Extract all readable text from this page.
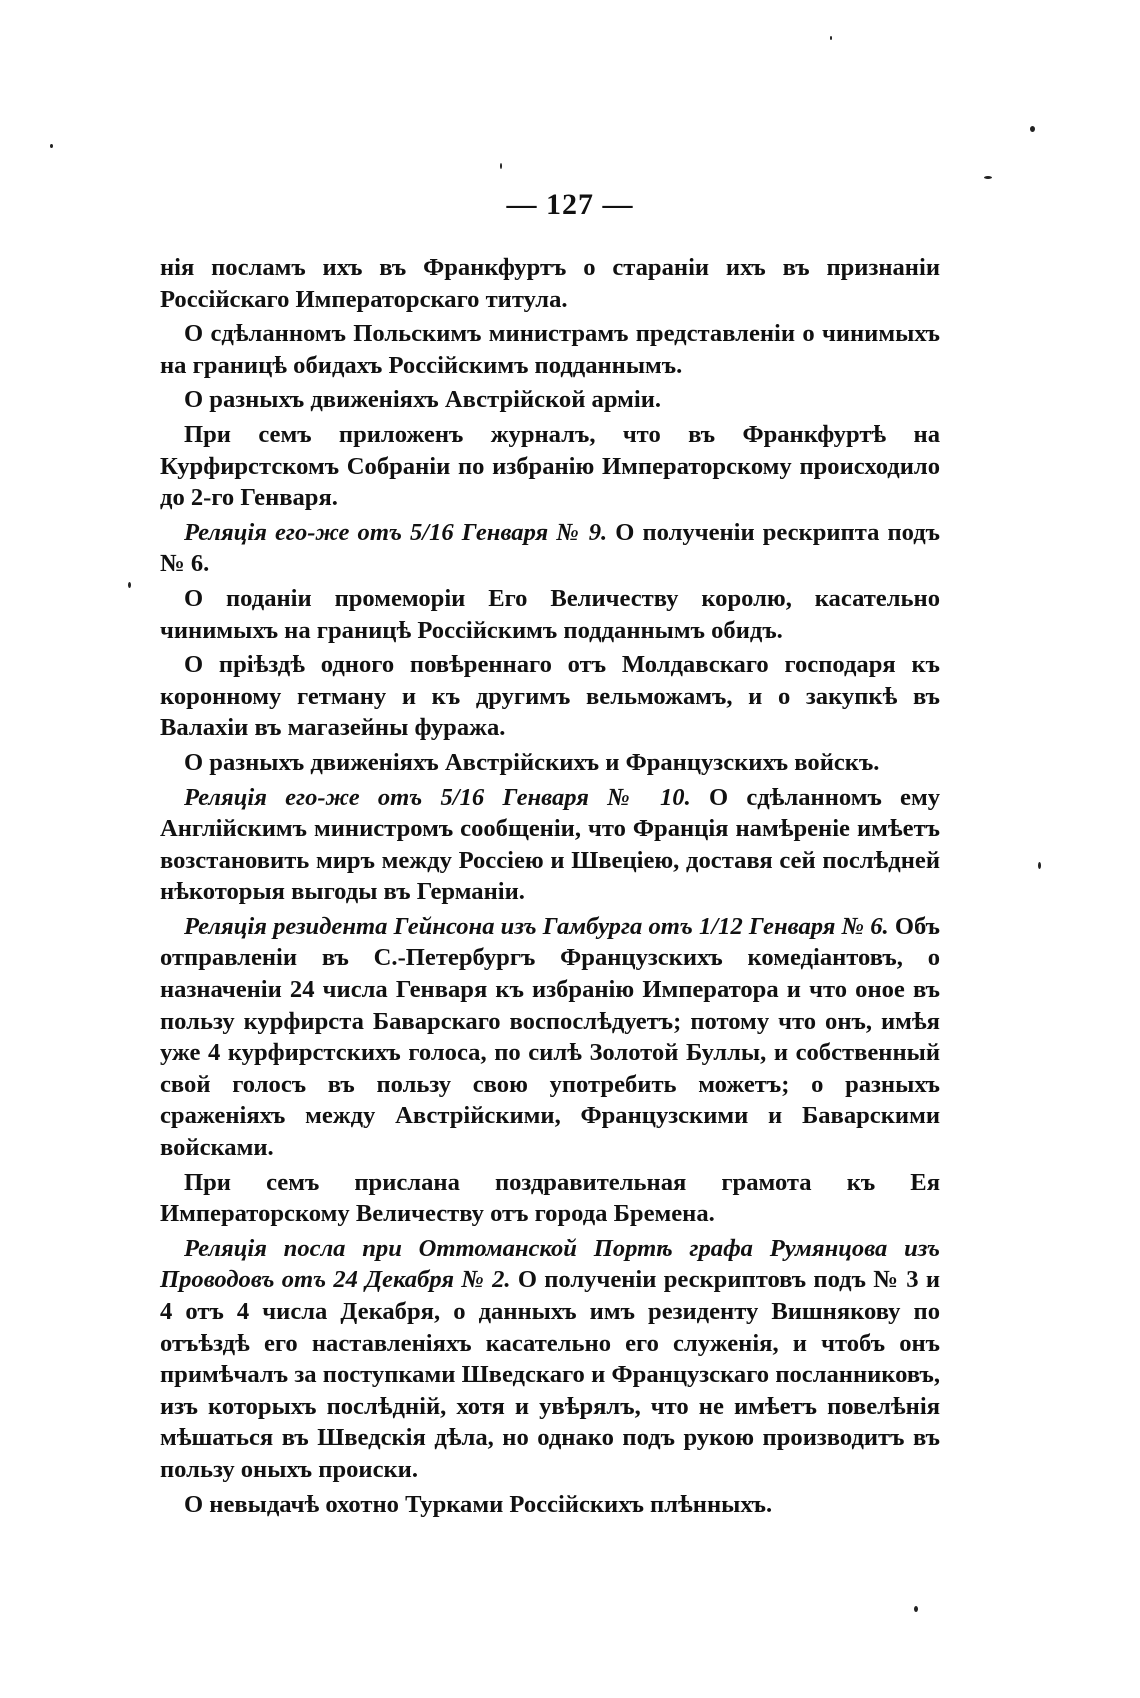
— 127 —

нія посламъ ихъ въ Франкфуртъ о стараніи ихъ въ признаніи Россійскаго Императорскаго титула.

О сдѣланномъ Польскимъ министрамъ представленіи о чинимыхъ на границѣ обидахъ Россійскимъ подданнымъ.

О разныхъ движеніяхъ Австрійской арміи.

При семъ приложенъ журналъ, что въ Франкфуртѣ на Курфирстскомъ Собраніи по избранію Императорскому происходило до 2-го Генваря.

Реляція его-же отъ 5/16 Генваря № 9. О полученіи рескрипта подъ № 6.

О поданіи промеморіи Его Величеству королю, касательно чинимыхъ на границѣ Россійскимъ подданнымъ обидъ.

О пріѣздѣ одного повѣреннаго отъ Молдавскаго господаря къ коронному гетману и къ другимъ вельможамъ, и о закупкѣ въ Валахіи въ магазейны фуража.

О разныхъ движеніяхъ Австрійскихъ и Французскихъ войскъ.

Реляція его-же отъ 5/16 Генваря № 10. О сдѣланномъ ему Англійскимъ министромъ сообщеніи, что Франція намѣреніе имѣетъ возстановить миръ между Россіею и Швеціею, доставя сей послѣдней нѣкоторыя выгоды въ Германіи.

Реляція резидента Гейнсона изъ Гамбурга отъ 1/12 Генваря № 6. Объ отправленіи въ С.-Петербургъ Французскихъ комедіантовъ, о назначеніи 24 числа Генваря къ избранію Императора и что оное въ пользу курфирста Баварскаго воспослѣдуетъ; потому что онъ, имѣя уже 4 курфирстскихъ голоса, по силѣ Золотой Буллы, и собственный свой голосъ въ пользу свою употребить можетъ; о разныхъ сраженіяхъ между Австрійскими, Французскими и Баварскими войсками.

При семъ прислана поздравительная грамота къ Ея Императорскому Величеству отъ города Бремена.

Реляція посла при Оттоманской Портѣ графа Румянцова изъ Проводовъ отъ 24 Декабря № 2. О полученіи рескриптовъ подъ № 3 и 4 отъ 4 числа Декабря, о данныхъ имъ резиденту Вишнякову по отъѣздѣ его наставленіяхъ касательно его служенія, и чтобъ онъ примѣчалъ за поступками Шведскаго и Французскаго посланниковъ, изъ которыхъ послѣдній, хотя и увѣрялъ, что не имѣетъ повелѣнія мѣшаться въ Шведскія дѣла, но однако подъ рукою производитъ въ пользу оныхъ происки.

О невыдачѣ охотно Турками Россійскихъ плѣнныхъ.
